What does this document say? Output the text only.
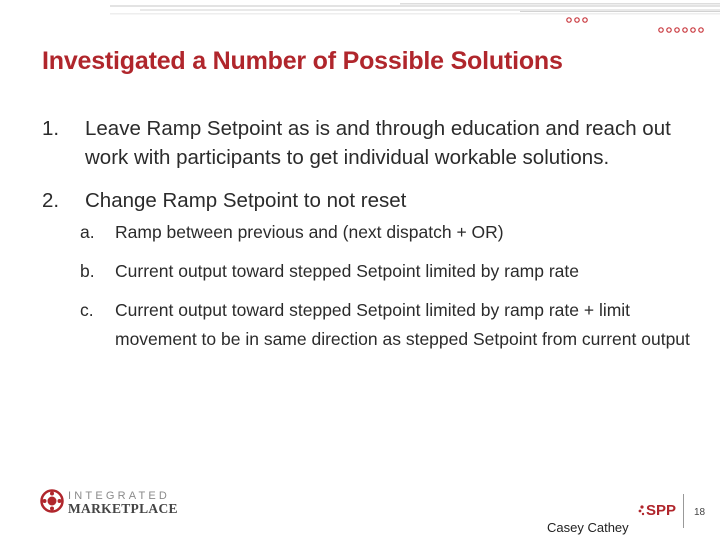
Investigated a Number of Possible Solutions
1. Leave Ramp Setpoint as is and through education and reach out work with participants to get individual workable solutions.
2. Change Ramp Setpoint to not reset
a. Ramp between previous and (next dispatch + OR)
b. Current output toward stepped Setpoint limited by ramp rate
c. Current output toward stepped Setpoint limited by ramp rate + limit movement to be in same direction as stepped Setpoint from current output
INTEGRATED
MARKETPLACE
Casey Cathey
SPP 18
